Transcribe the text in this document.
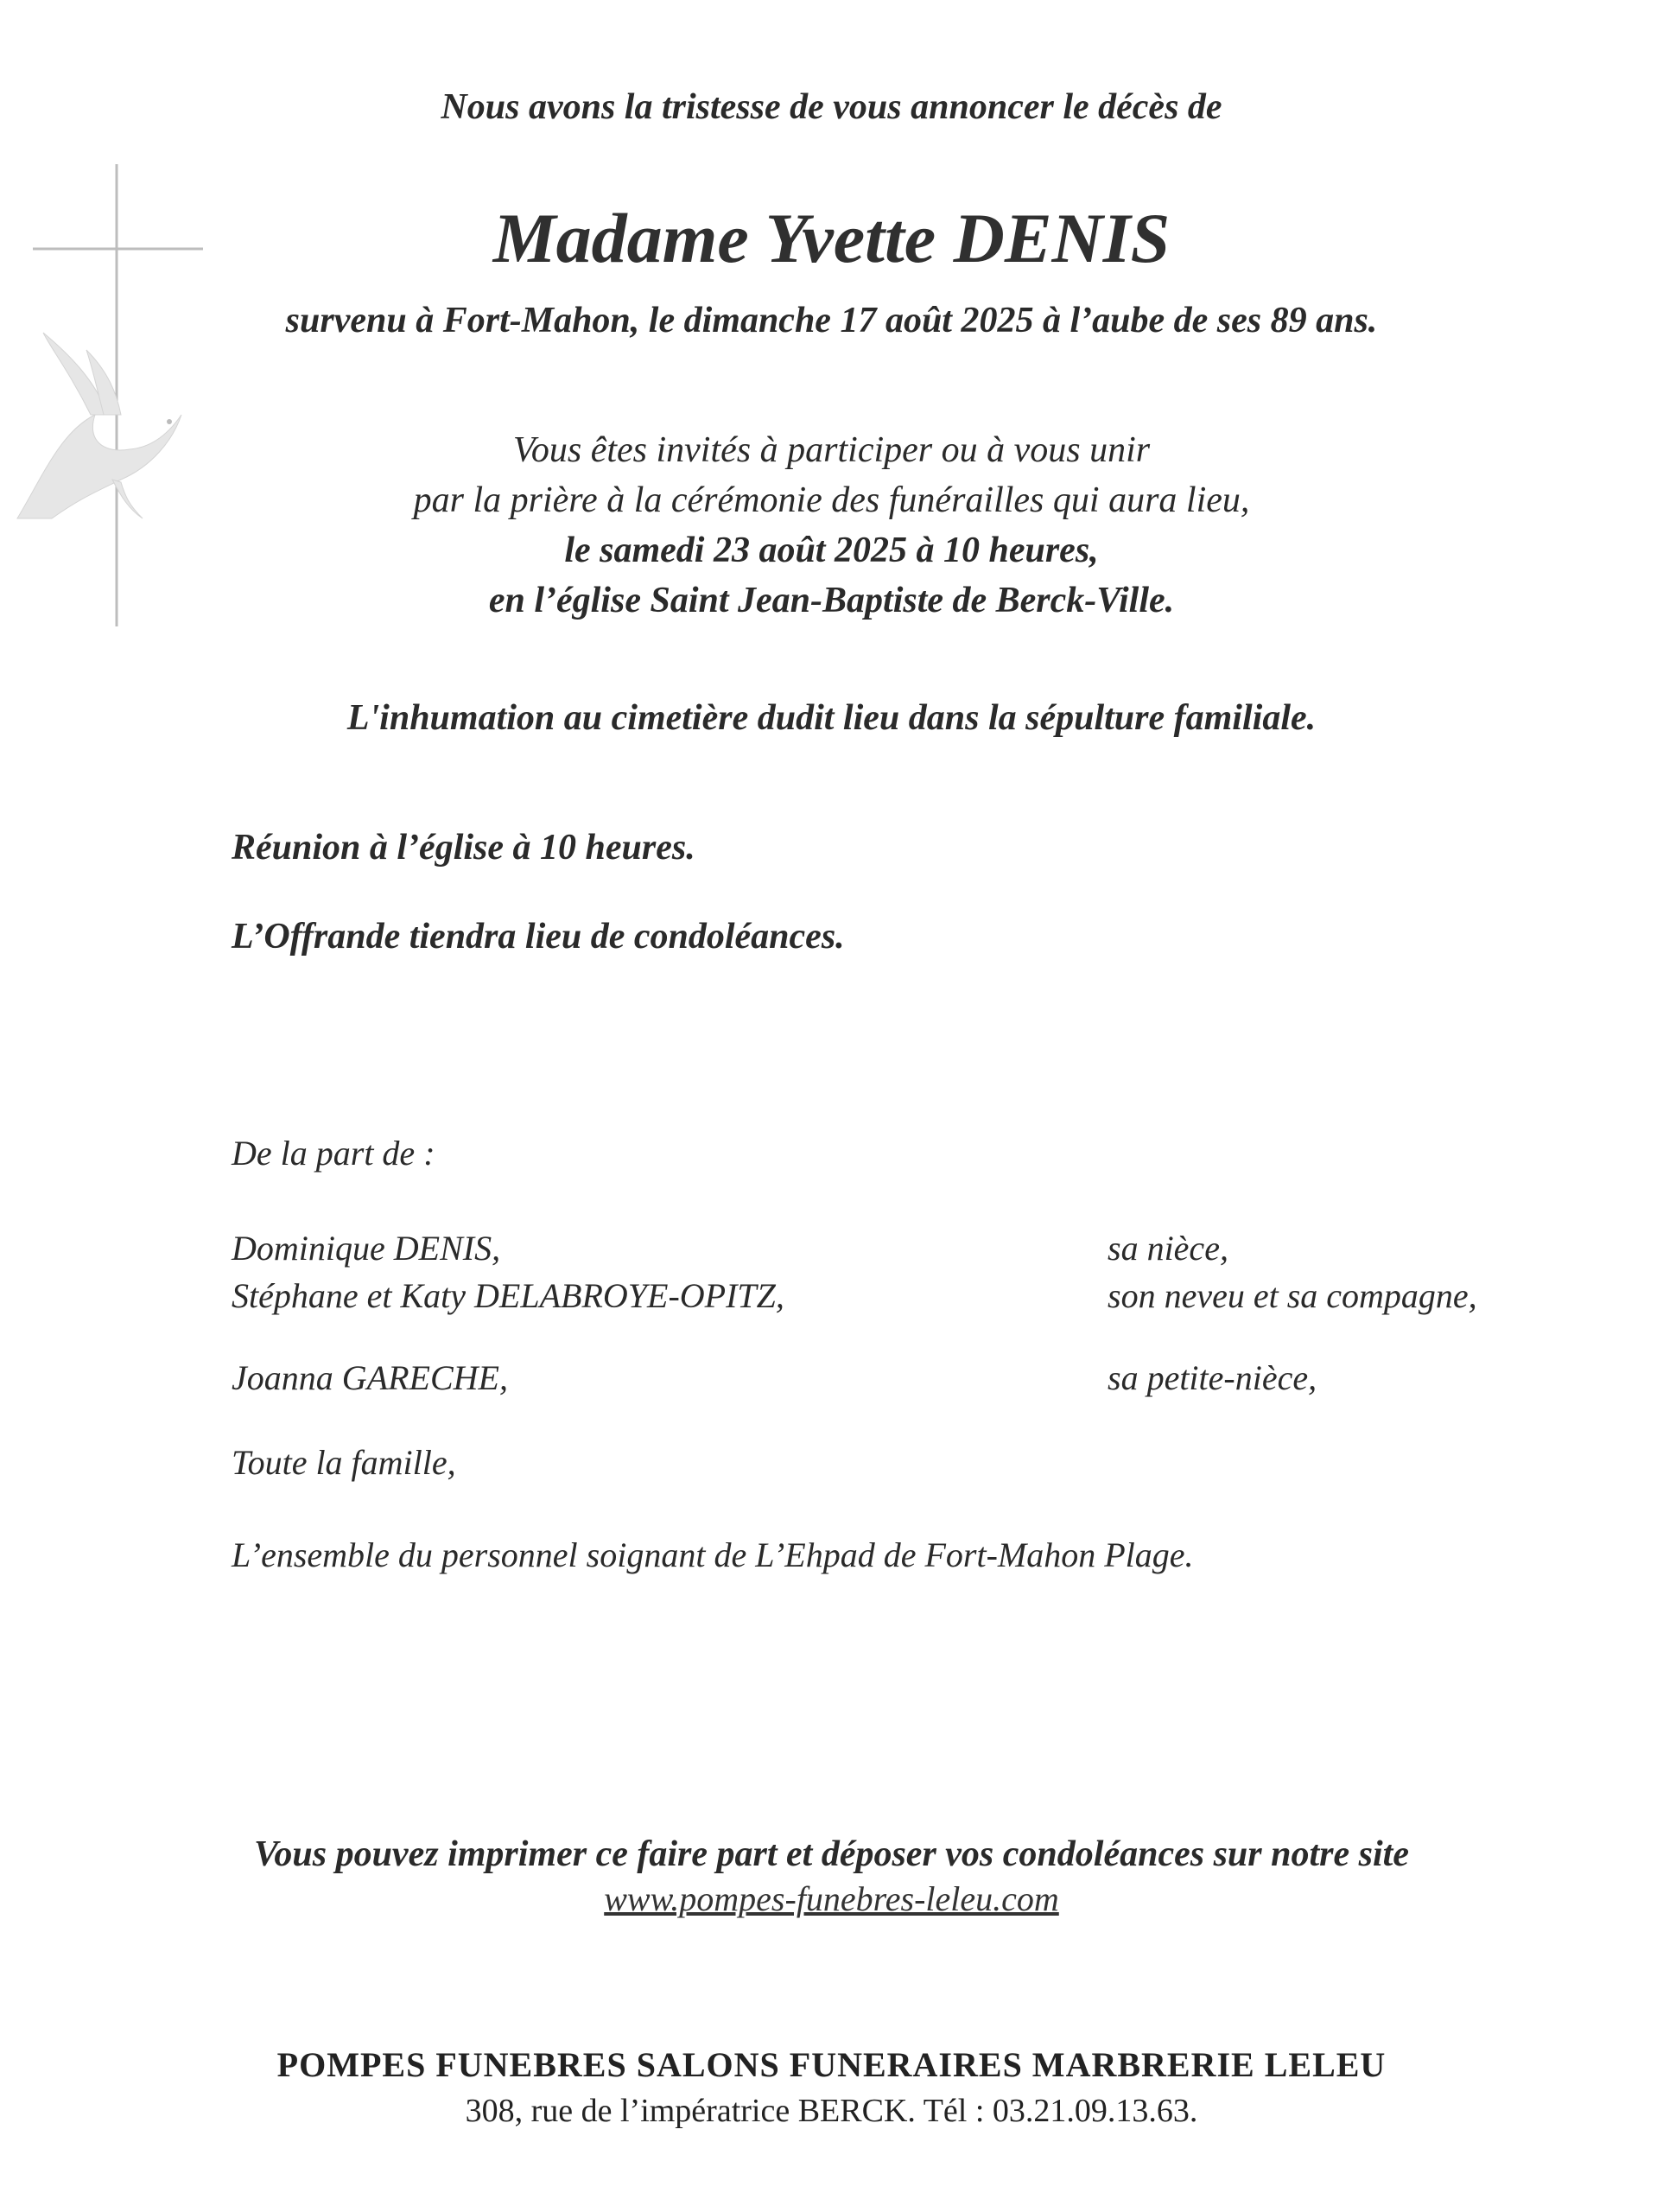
Nous avons la tristesse de vous annoncer le décès de
Madame Yvette DENIS
survenu à Fort-Mahon, le dimanche 17 août 2025 à l’aube de ses 89 ans.
Vous êtes invités à participer ou à vous unir
par la prière à la cérémonie des funérailles qui aura lieu,
le samedi 23 août 2025 à 10 heures,
en l’église Saint Jean-Baptiste de Berck-Ville.
L'inhumation au cimetière dudit lieu dans la sépulture familiale.
Réunion à l’église à 10 heures.
L’Offrande tiendra lieu de condoléances.
De la part de :
Dominique DENIS,	sa nièce,
Stéphane et Katy DELABROYE-OPITZ,	son neveu et sa compagne,
Joanna GARECHE,	sa petite-nièce,
Toute la famille,
L’ensemble du personnel soignant de L’Ehpad de Fort-Mahon Plage.
Vous pouvez imprimer ce faire part et déposer vos condoléances sur notre site
www.pompes-funebres-leleu.com
POMPES FUNEBRES SALONS FUNERAIRES MARBRERIE LELEU
308, rue de l’impératrice BERCK. Tél : 03.21.09.13.63.
